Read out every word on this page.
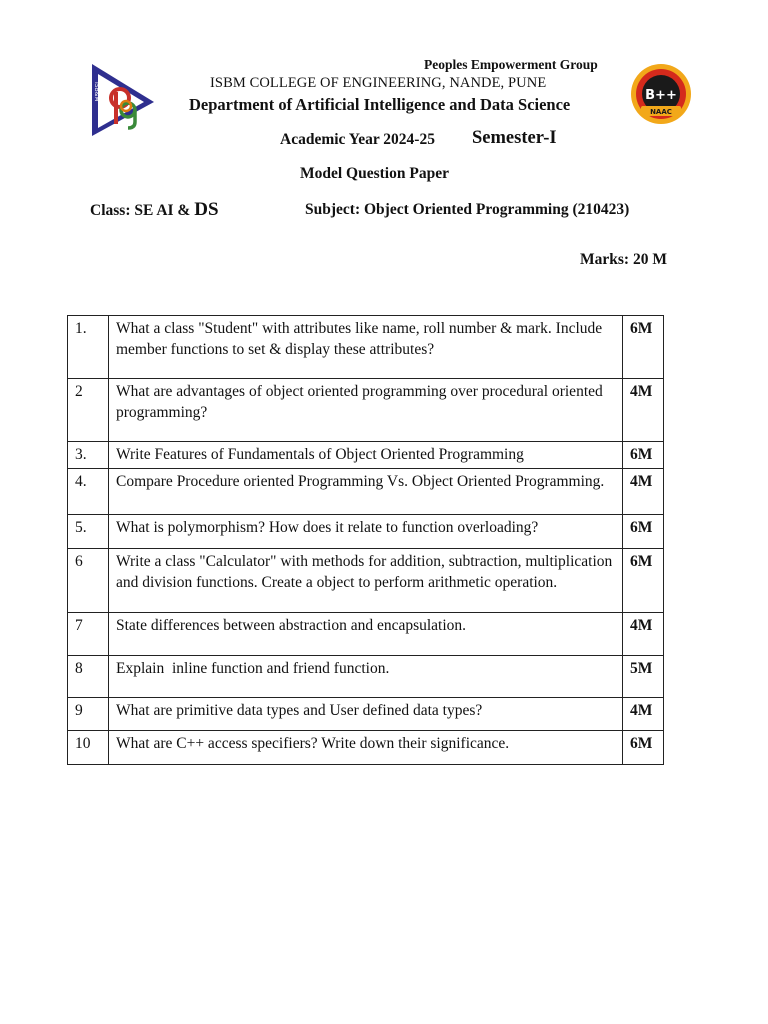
ISB&M	B++
NAAC
Peoples Empowerment Group
ISBM COLLEGE OF ENGINEERING, NANDE, PUNE
Department of Artificial Intelligence and Data Science
Academic Year 2024-25 Semester-I
Model Question Paper
Class: SE AI & DS	Subject: Object Oriented Programming (210423)
Marks: 20 M
1.	What a class "Student" with attributes like name, roll number & mark. Include member functions to set & display these attributes?	6M
2	What are advantages of object oriented programming over procedural oriented programming?	4M
3.	Write Features of Fundamentals of Object Oriented Programming	6M
4.	Compare Procedure oriented Programming Vs. Object Oriented Programming.	4M
5.	What is polymorphism? How does it relate to function overloading?	6M
6	Write a class "Calculator" with methods for addition, subtraction, multiplication and division functions. Create a object to perform arithmetic operation.	6M
7	State differences between abstraction and encapsulation.	4M
8	Explain  inline function and friend function.	5M
9	What are primitive data types and User defined data types?	4M
10	What are C++ access specifiers? Write down their significance.	6M
